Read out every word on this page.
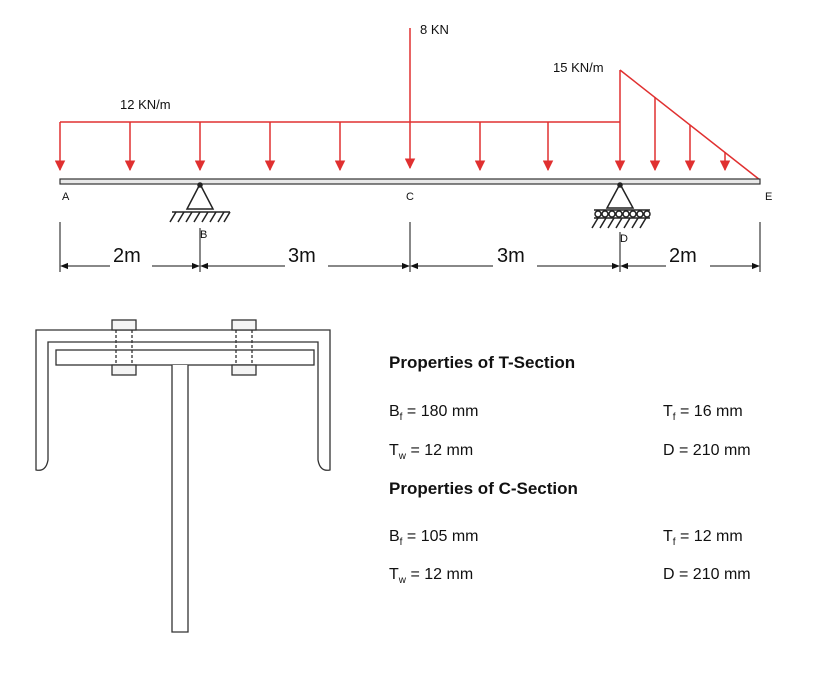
8 KN
12 KN/m
15 KN/m
A
B
C
D
E
2m	3m	3m	2m
Properties of T-Section
$B_f = 180$ mm	$T_f = 16$ mm
$T_w = 12$ mm	D = 210 mm
Properties of C-Section
$B_f = 105$ mm	$T_f = 12$ mm
$T_w = 12$ mm	D = 210 mm
